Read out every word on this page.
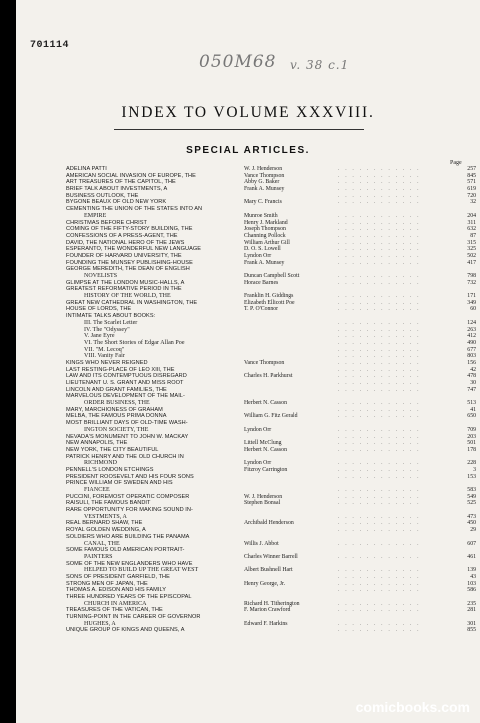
701114
050M68 v. 38 c.1
INDEX TO VOLUME XXXVIII.
SPECIAL ARTICLES.
Page
ADELINA PATTI	W. J. Henderson	. . . . . . . . . . . .	257
AMERICAN SOCIAL INVASION OF EUROPE, THE	Vance Thompson	. . . . . . . . . . . .	845
ART TREASURES OF THE CAPITOL, THE	Abby G. Baker	. . . . . . . . . . . .	571
BRIEF TALK ABOUT INVESTMENTS, A	Frank A. Munsey	. . . . . . . . . . . .	619
BUSINESS OUTLOOK, THE	. . . . . . . . . . . .	720
BYGONE BEAUX OF OLD NEW YORK	Mary C. Francis	. . . . . . . . . . . .	32
CEMENTING THE UNION OF THE STATES INTO AN
EMPIRE	Munroe Smith	. . . . . . . . . . . .	204
CHRISTMAS BEFORE CHRIST	Henry J. Markland	. . . . . . . . . . . .	311
COMING OF THE FIFTY-STORY BUILDING, THE	Joseph Thompson	. . . . . . . . . . . .	632
CONFESSIONS OF A PRESS-AGENT, THE	Channing Pollock	. . . . . . . . . . . .	87
DAVID, THE NATIONAL HERO OF THE JEWS	William Arthur Gill	. . . . . . . . . . . .	315
ESPERANTO, THE WONDERFUL NEW LANGUAGE	D. O. S. Lowell	. . . . . . . . . . . .	325
FOUNDER OF HARVARD UNIVERSITY, THE	Lyndon Orr	. . . . . . . . . . . .	502
FOUNDING THE MUNSEY PUBLISHING-HOUSE	Frank A. Munsey	. . . . . . . . . . . .	417
GEORGE MEREDITH, THE DEAN OF ENGLISH
NOVELISTS	Duncan Campbell Scott	. . . . . . . . . . . .	798
GLIMPSE AT THE LONDON MUSIC-HALLS, A	Horace Barnes	. . . . . . . . . . . .	732
GREATEST REFORMATIVE PERIOD IN THE
HISTORY OF THE WORLD, THE	Franklin H. Giddings	. . . . . . . . . . . .	171
GREAT NEW CATHEDRAL IN WASHINGTON, THE	Elizabeth Ellicott Poe	. . . . . . . . . . . .	349
HOUSE OF LORDS, THE	T. P. O'Connor	. . . . . . . . . . . .	60
INTIMATE TALKS ABOUT BOOKS:
III. The Scarlet Letter	. . . . . . . . . . . .	124
IV. The "Odyssey"	. . . . . . . . . . . .	263
V. Jane Eyre	. . . . . . . . . . . .	412
VI. The Short Stories of Edgar Allan Poe	. . . . . . . . . . . .	490
VII. "M. Lecoq"	. . . . . . . . . . . .	677
VIII. Vanity Fair	. . . . . . . . . . . .	803
KINGS WHO NEVER REIGNED	Vance Thompson	. . . . . . . . . . . .	156
LAST RESTING-PLACE OF LEO XIII, THE	. . . . . . . . . . . .	42
LAW AND ITS CONTEMPTUOUS DISREGARD	Charles H. Parkhurst	. . . . . . . . . . . .	478
LIEUTENANT U. S. GRANT AND MISS ROOT	. . . . . . . . . . . .	30
LINCOLN AND GRANT FAMILIES, THE	. . . . . . . . . . . .	747
MARVELOUS DEVELOPMENT OF THE MAIL-
ORDER BUSINESS, THE	Herbert N. Casson	. . . . . . . . . . . .	513
MARY, MARCHIONESS OF GRAHAM	. . . . . . . . . . . .	41
MELBA, THE FAMOUS PRIMA DONNA	William G. Fitz Gerald	. . . . . . . . . . . .	650
MOST BRILLIANT DAYS OF OLD-TIME WASH-
INGTON SOCIETY, THE	Lyndon Orr	. . . . . . . . . . . .	709
NEVADA'S MONUMENT TO JOHN W. MACKAY	. . . . . . . . . . . .	203
NEW ANNAPOLIS, THE	Littell McClung	. . . . . . . . . . . .	501
NEW YORK, THE CITY BEAUTIFUL	Herbert N. Casson	. . . . . . . . . . . .	178
PATRICK HENRY AND THE OLD CHURCH IN
RICHMOND	Lyndon Orr	. . . . . . . . . . . .	228
PENNELL'S LONDON ETCHINGS	Fitzroy Carrington	. . . . . . . . . . . .	3
PRESIDENT ROOSEVELT AND HIS FOUR SONS	. . . . . . . . . . . .	153
PRINCE WILLIAM OF SWEDEN AND HIS
FIANCEE	. . . . . . . . . . . .	583
PUCCINI, FOREMOST OPERATIC COMPOSER	W. J. Henderson	. . . . . . . . . . . .	549
RAISULI, THE FAMOUS BANDIT	Stephen Bonsal	. . . . . . . . . . . .	525
RARE OPPORTUNITY FOR MAKING SOUND IN-
VESTMENTS, A	. . . . . . . . . . . .	473
REAL BERNARD SHAW, THE	Archibald Henderson	. . . . . . . . . . . .	450
ROYAL GOLDEN WEDDING, A	. . . . . . . . . . . .	29
SOLDIERS WHO ARE BUILDING THE PANAMA
CANAL, THE	Willis J. Abbot	. . . . . . . . . . . .	607
SOME FAMOUS OLD AMERICAN PORTRAIT-
PAINTERS	Charles Winner Barrell	. . . . . . . . . . . .	461
SOME OF THE NEW ENGLANDERS WHO HAVE
HELPED TO BUILD UP THE GREAT WEST	Albert Bushnell Hart	. . . . . . . . . . . .	139
SONS OF PRESIDENT GARFIELD, THE	. . . . . . . . . . . .	43
STRONG MEN OF JAPAN, THE	Henry George, Jr.	. . . . . . . . . . . .	103
THOMAS A. EDISON AND HIS FAMILY	. . . . . . . . . . . .	586
THREE HUNDRED YEARS OF THE EPISCOPAL
CHURCH IN AMERICA	Richard H. Titherington	. . . . . . . . . . . .	235
TREASURES OF THE VATICAN, THE	F. Marion Crawford	. . . . . . . . . . . .	281
TURNING-POINT IN THE CAREER OF GOVERNOR
HUGHES, A	Edward F. Harkins	. . . . . . . . . . . .	301
UNIQUE GROUP OF KINGS AND QUEENS, A	. . . . . . . . . . . .	855
comicbooks.com
